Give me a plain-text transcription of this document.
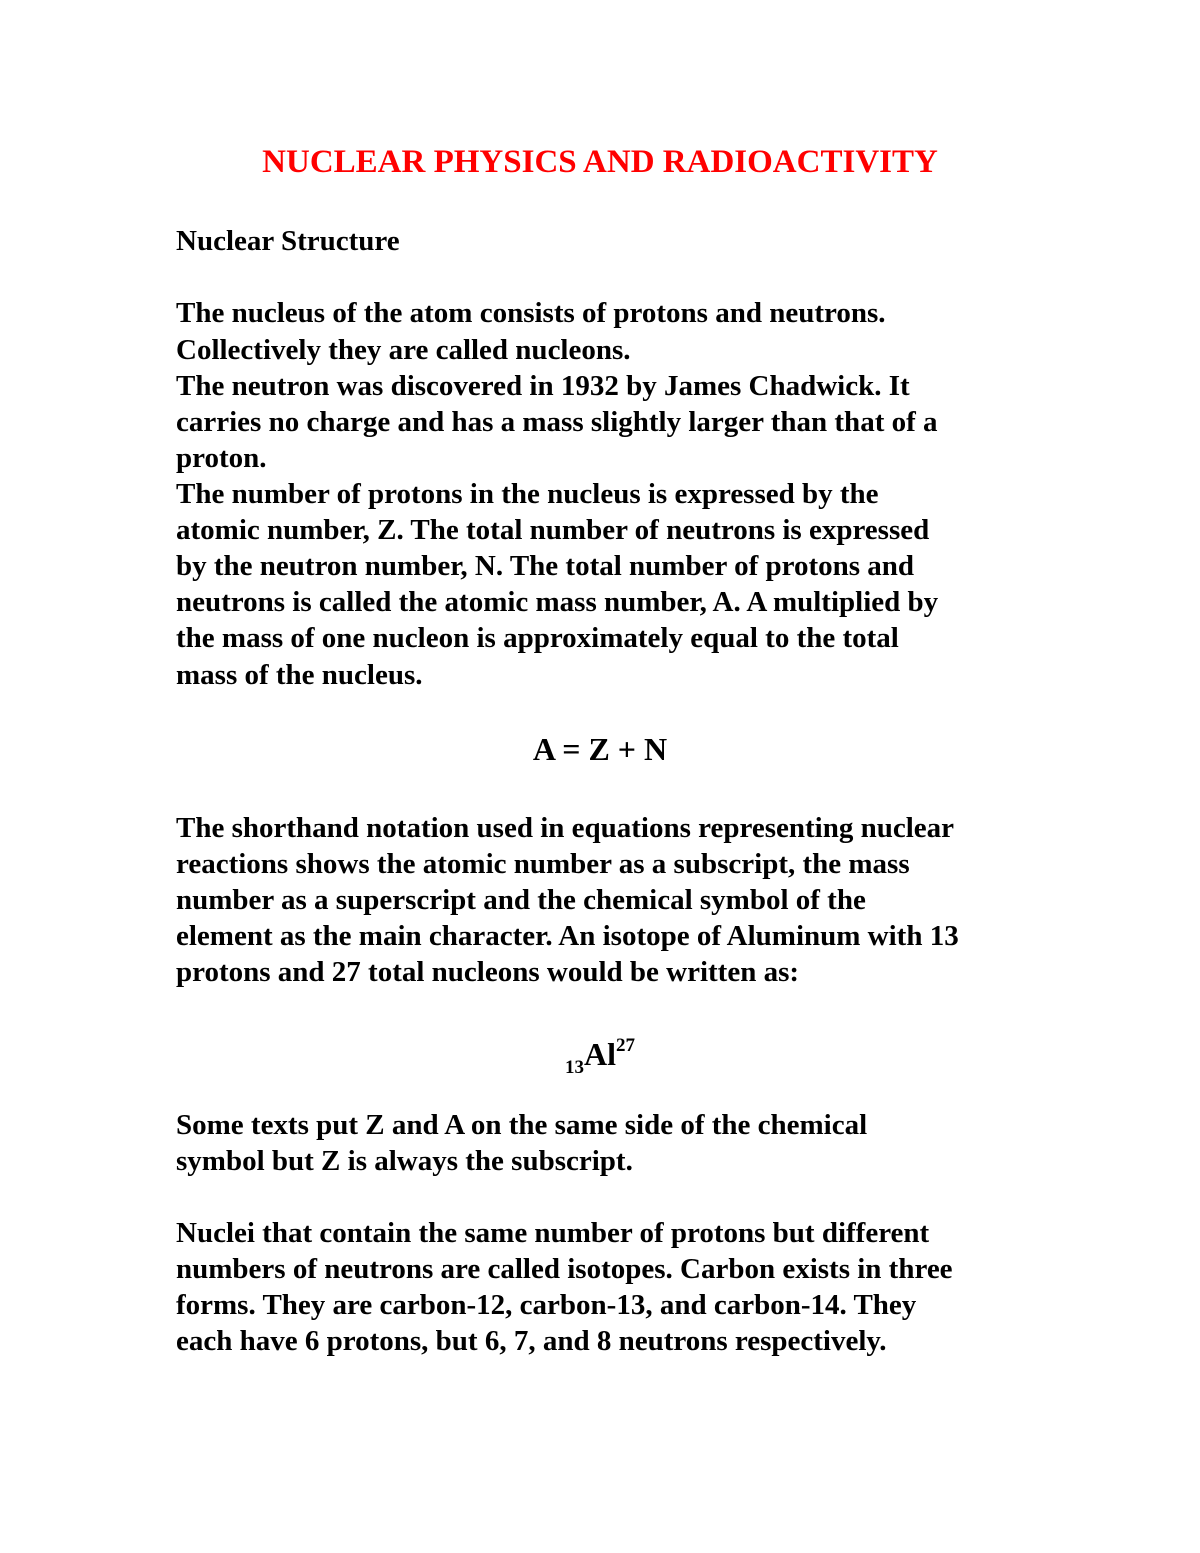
NUCLEAR PHYSICS AND RADIOACTIVITY
Nuclear Structure
The nucleus of the atom consists of protons and neutrons.
Collectively they are called nucleons.
The neutron was discovered in 1932 by James Chadwick. It
carries no charge and has a mass slightly larger than that of a
proton.
The number of protons in the nucleus is expressed by the
atomic number, Z. The total number of neutrons is expressed
by the neutron number, N. The total number of protons and
neutrons is called the atomic mass number, A. A multiplied by
the mass of one nucleon is approximately equal to the total
mass of the nucleus.
A = Z + N
The shorthand notation used in equations representing nuclear
reactions shows the atomic number as a subscript, the mass
number as a superscript and the chemical symbol of the
element as the main character. An isotope of Aluminum with 13
protons and 27 total nucleons would be written as:
$_{13}Al^{27}$
Some texts put Z and A on the same side of the chemical
symbol but Z is always the subscript.
Nuclei that contain the same number of protons but different
numbers of neutrons are called isotopes. Carbon exists in three
forms. They are carbon-12, carbon-13, and carbon-14. They
each have 6 protons, but 6, 7, and 8 neutrons respectively.
